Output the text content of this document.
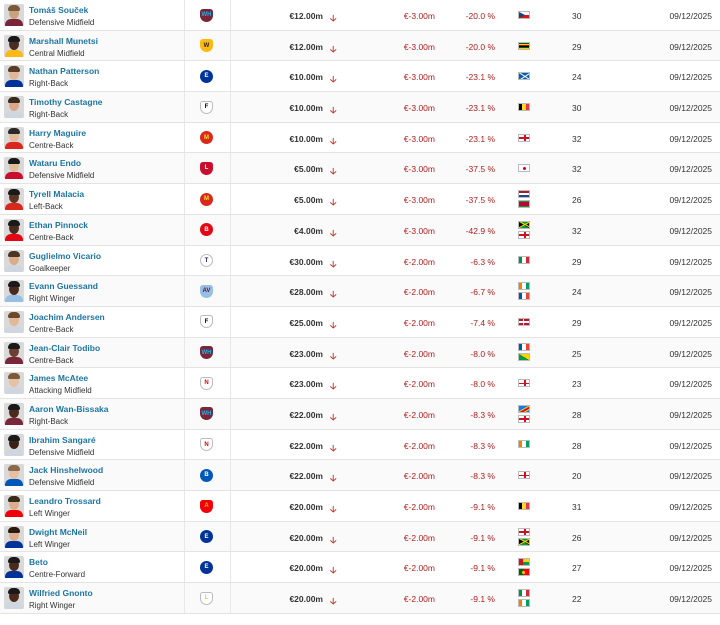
Tomáš Souček
Defensive Midfield
WH	€12.00m 🡣	€-3.00m	-20.0 %	30	09/12/2025
Marshall Munetsi
Central Midfield
W	€12.00m 🡣	€-3.00m	-20.0 %	29	09/12/2025
Nathan Patterson
Right-Back
E	€10.00m 🡣	€-3.00m	-23.1 %	24	09/12/2025
Timothy Castagne
Right-Back
F	€10.00m 🡣	€-3.00m	-23.1 %	30	09/12/2025
Harry Maguire
Centre-Back
M	€10.00m 🡣	€-3.00m	-23.1 %	32	09/12/2025
Wataru Endo
Defensive Midfield
L	€5.00m 🡣	€-3.00m	-37.5 %	32	09/12/2025
Tyrell Malacia
Left-Back
M	€5.00m 🡣	€-3.00m	-37.5 %	26	09/12/2025
Ethan Pinnock
Centre-Back
B	€4.00m 🡣	€-3.00m	-42.9 %	32	09/12/2025
Guglielmo Vicario
Goalkeeper
T	€30.00m 🡣	€-2.00m	-6.3 %	29	09/12/2025
Evann Guessand
Right Winger
AV	€28.00m 🡣	€-2.00m	-6.7 %	24	09/12/2025
Joachim Andersen
Centre-Back
F	€25.00m 🡣	€-2.00m	-7.4 %	29	09/12/2025
Jean-Clair Todibo
Centre-Back
WH	€23.00m 🡣	€-2.00m	-8.0 %	25	09/12/2025
James McAtee
Attacking Midfield
N	€23.00m 🡣	€-2.00m	-8.0 %	23	09/12/2025
Aaron Wan-Bissaka
Right-Back
WH	€22.00m 🡣	€-2.00m	-8.3 %	28	09/12/2025
Ibrahim Sangaré
Defensive Midfield
N	€22.00m 🡣	€-2.00m	-8.3 %	28	09/12/2025
Jack Hinshelwood
Defensive Midfield
B	€22.00m 🡣	€-2.00m	-8.3 %	20	09/12/2025
Leandro Trossard
Left Winger
A	€20.00m 🡣	€-2.00m	-9.1 %	31	09/12/2025
Dwight McNeil
Left Winger
E	€20.00m 🡣	€-2.00m	-9.1 %	26	09/12/2025
Beto
Centre-Forward
E	€20.00m 🡣	€-2.00m	-9.1 %	27	09/12/2025
Wilfried Gnonto
Right Winger
L	€20.00m 🡣	€-2.00m	-9.1 %	22	09/12/2025
